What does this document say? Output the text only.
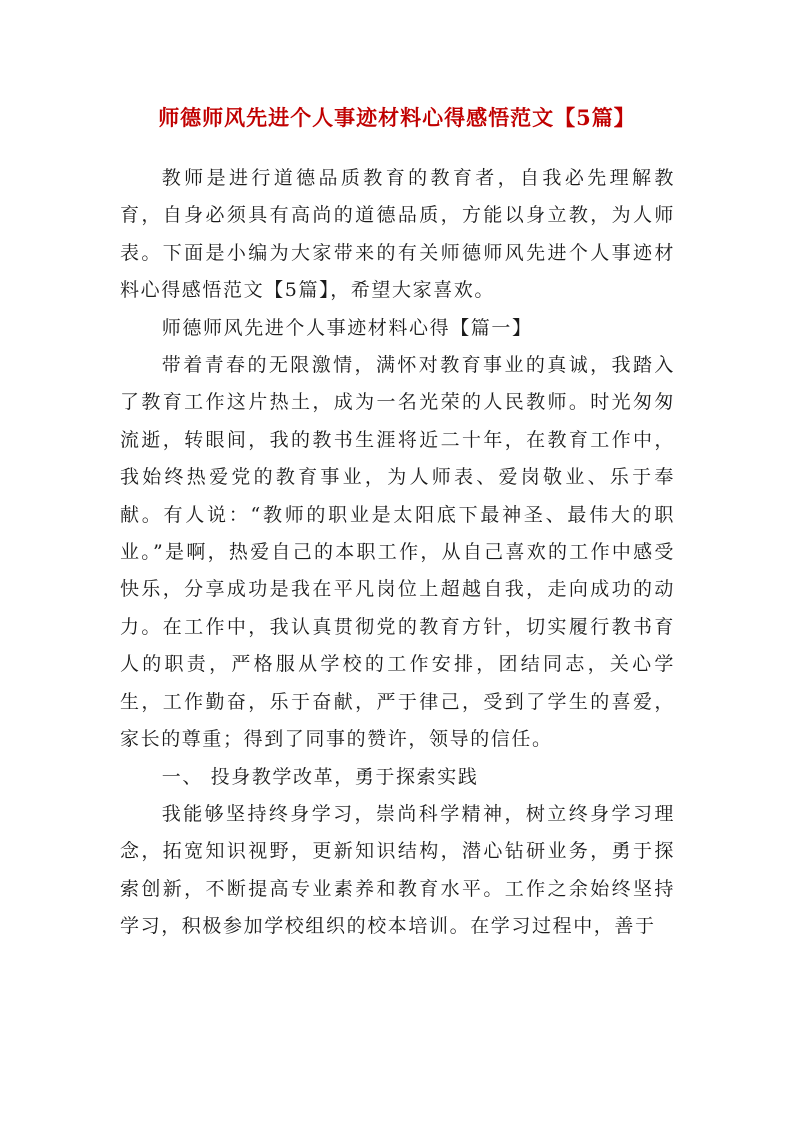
师德师风先进个人事迹材料心得感悟范文【5篇】

教师是进行道德品质教育的教育者，自我必先理解教育，自身必须具有高尚的道德品质，方能以身立教，为人师表。下面是小编为大家带来的有关师德师风先进个人事迹材料心得感悟范文【5篇】，希望大家喜欢。

师德师风先进个人事迹材料心得【篇一】

带着青春的无限激情，满怀对教育事业的真诚，我踏入了教育工作这片热土，成为一名光荣的人民教师。时光匆匆流逝，转眼间，我的教书生涯将近二十年，在教育工作中，我始终热爱党的教育事业，为人师表、爱岗敬业、乐于奉献。有人说：“教师的职业是太阳底下最神圣、最伟大的职业。”是啊，热爱自己的本职工作，从自己喜欢的工作中感受快乐，分享成功是我在平凡岗位上超越自我，走向成功的动力。在工作中，我认真贯彻党的教育方针，切实履行教书育人的职责，严格服从学校的工作安排，团结同志，关心学生，工作勤奋，乐于奋献，严于律己，受到了学生的喜爱，家长的尊重；得到了同事的赞许，领导的信任。

一、 投身教学改革，勇于探索实践

我能够坚持终身学习，崇尚科学精神，树立终身学习理念，拓宽知识视野，更新知识结构，潜心钻研业务，勇于探索创新，不断提高专业素养和教育水平。工作之余始终坚持学习，积极参加学校组织的校本培训。在学习过程中，善于
